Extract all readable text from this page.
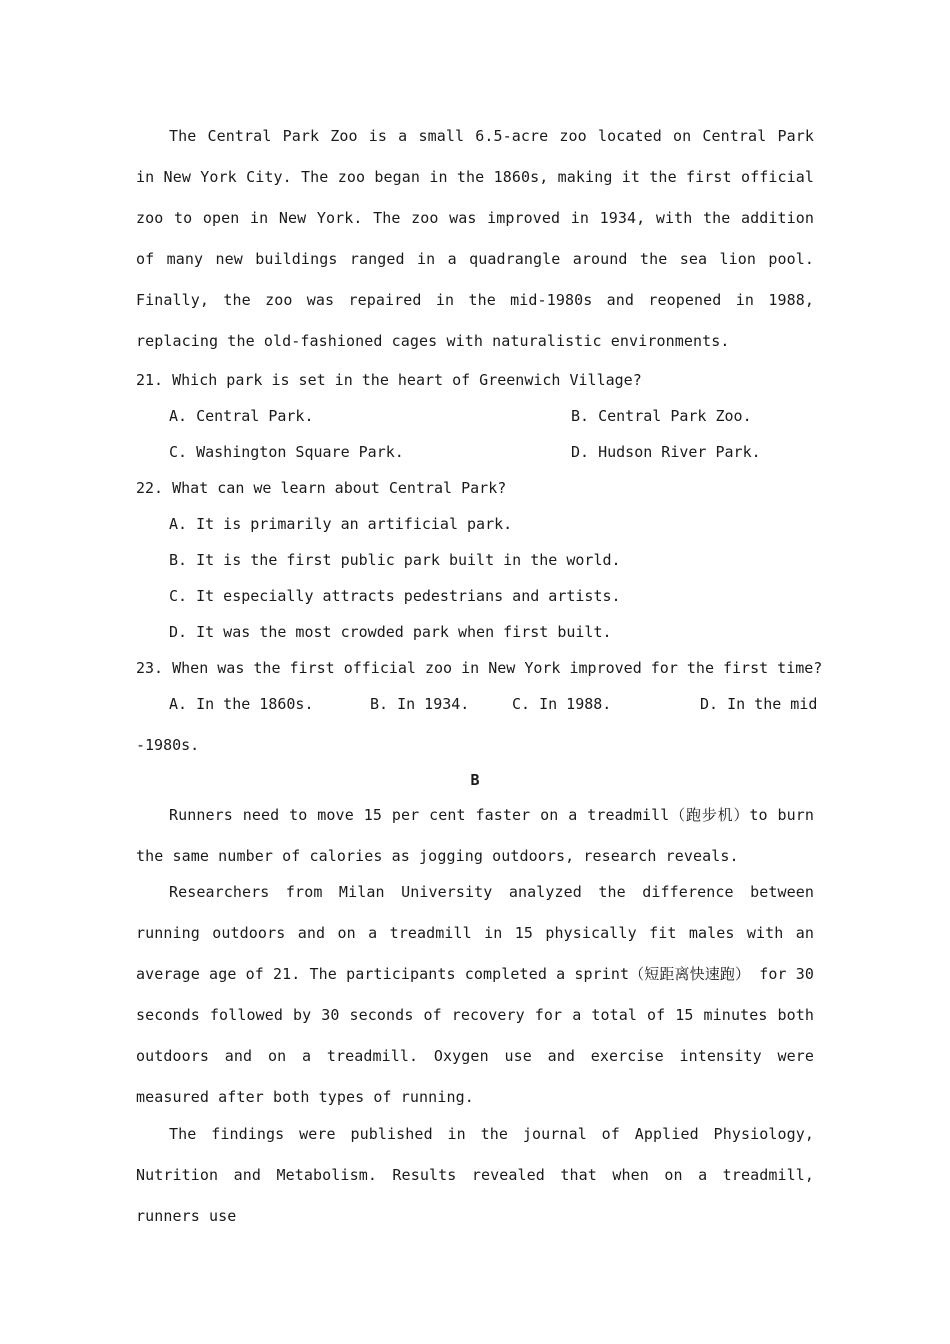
The Central Park Zoo is a small 6.5‑acre zoo located on Central Park in New York City. The zoo began in the 1860s, making it the first official zoo to open in New York. The zoo was improved in 1934, with the addition of many new buildings ranged in a quadrangle around the sea lion pool. Finally, the zoo was repaired in the mid‑1980s and reopened in 1988, replacing the old‑fashioned cages with naturalistic environments.

21. Which park is set in the heart of Greenwich Village?
A. Central Park.	B. Central Park Zoo.
C. Washington Square Park.	D. Hudson River Park.
22. What can we learn about Central Park?
A. It is primarily an artificial park.
B. It is the first public park built in the world.
C. It especially attracts pedestrians and artists.
D. It was the most crowded park when first built.
23. When was the first official zoo in New York improved for the first time?
A. In the 1860s.	B. In 1934.	C. In 1988.	D. In the mid
‑1980s.
B

Runners need to move 15 per cent faster on a treadmill（跑步机）to burn the same number of calories as jogging outdoors, research reveals.

Researchers from Milan University analyzed the difference between running outdoors and on a treadmill in 15 physically fit males with an average age of 21. The participants completed a sprint（短距离快速跑） for 30 seconds followed by 30 seconds of recovery for a total of 15 minutes both outdoors and on a treadmill. Oxygen use and exercise intensity were measured after both types of running.

The findings were published in the journal of Applied Physiology, Nutrition and Metabolism. Results revealed that when on a treadmill, runners use
